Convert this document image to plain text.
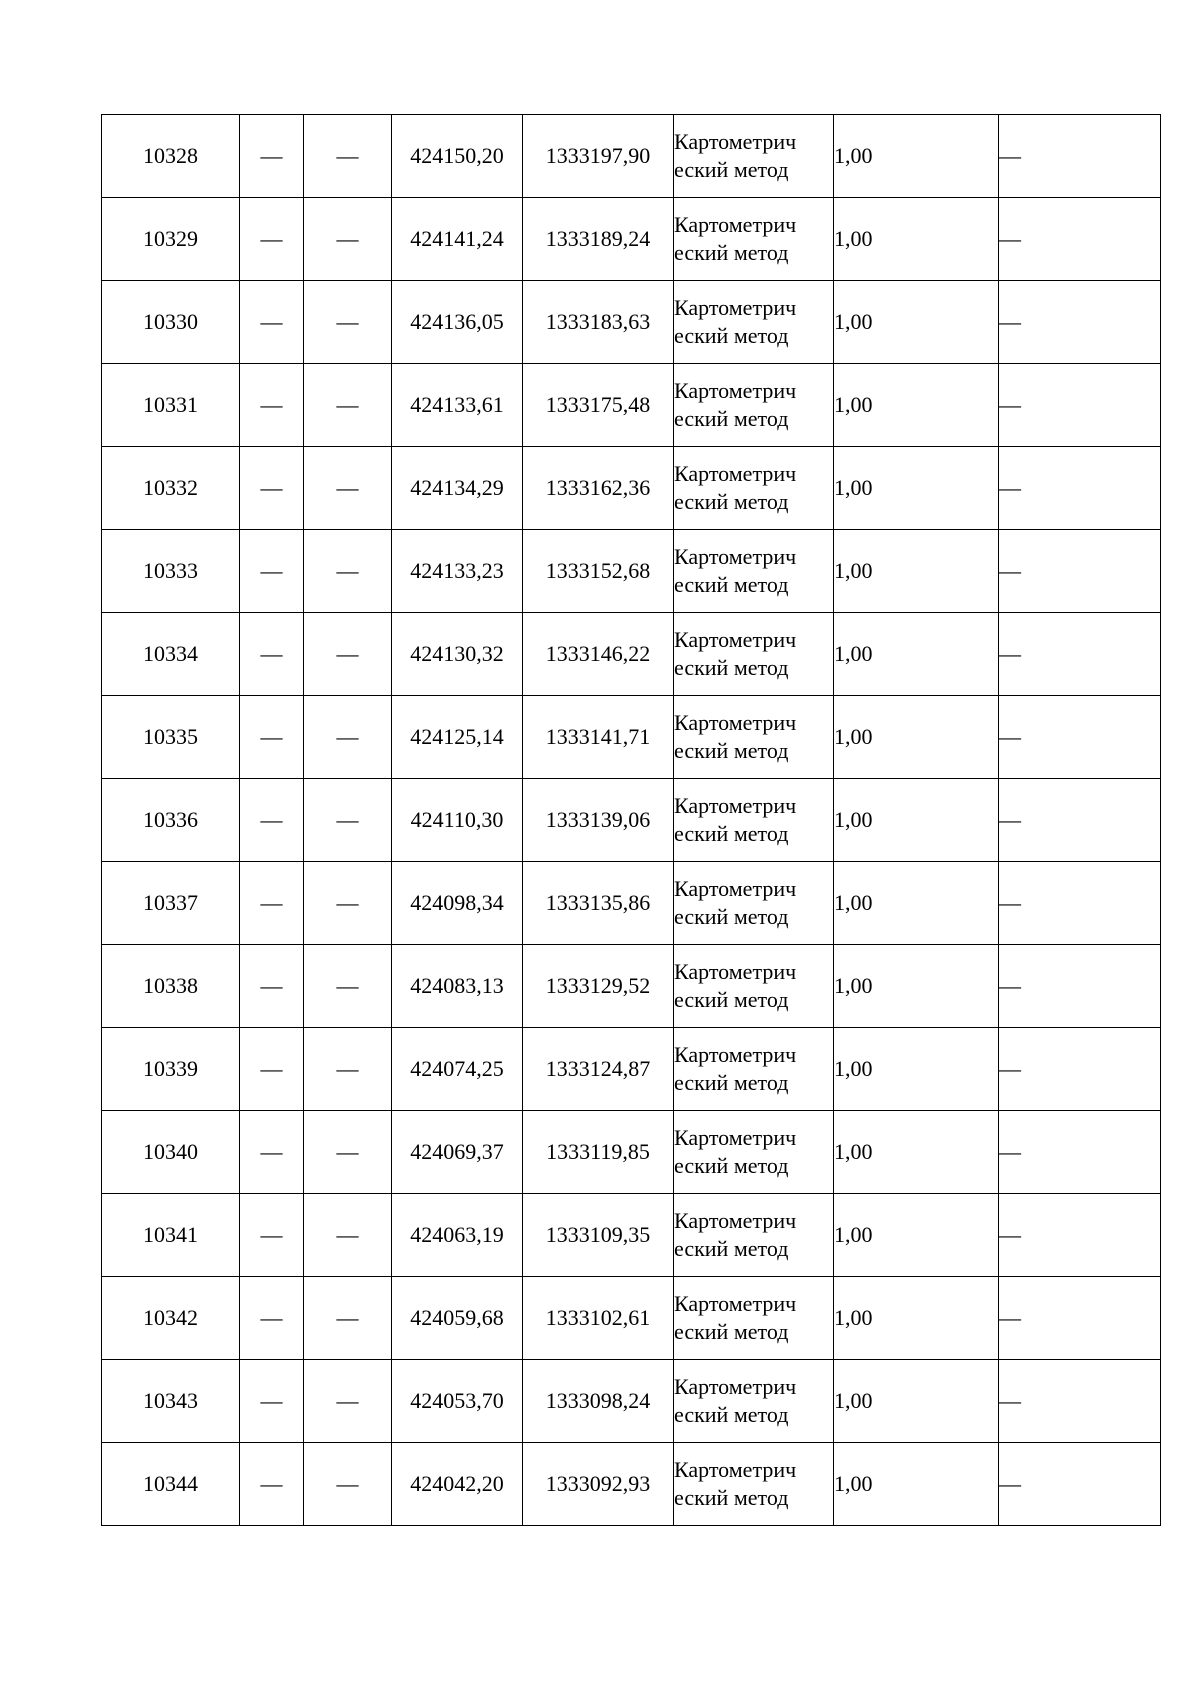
10328	—	—	424150,20	1333197,90	Картометрический метод	1,00	—
10329	—	—	424141,24	1333189,24	Картометрический метод	1,00	—
10330	—	—	424136,05	1333183,63	Картометрический метод	1,00	—
10331	—	—	424133,61	1333175,48	Картометрический метод	1,00	—
10332	—	—	424134,29	1333162,36	Картометрический метод	1,00	—
10333	—	—	424133,23	1333152,68	Картометрический метод	1,00	—
10334	—	—	424130,32	1333146,22	Картометрический метод	1,00	—
10335	—	—	424125,14	1333141,71	Картометрический метод	1,00	—
10336	—	—	424110,30	1333139,06	Картометрический метод	1,00	—
10337	—	—	424098,34	1333135,86	Картометрический метод	1,00	—
10338	—	—	424083,13	1333129,52	Картометрический метод	1,00	—
10339	—	—	424074,25	1333124,87	Картометрический метод	1,00	—
10340	—	—	424069,37	1333119,85	Картометрический метод	1,00	—
10341	—	—	424063,19	1333109,35	Картометрический метод	1,00	—
10342	—	—	424059,68	1333102,61	Картометрический метод	1,00	—
10343	—	—	424053,70	1333098,24	Картометрический метод	1,00	—
10344	—	—	424042,20	1333092,93	Картометрический метод	1,00	—
